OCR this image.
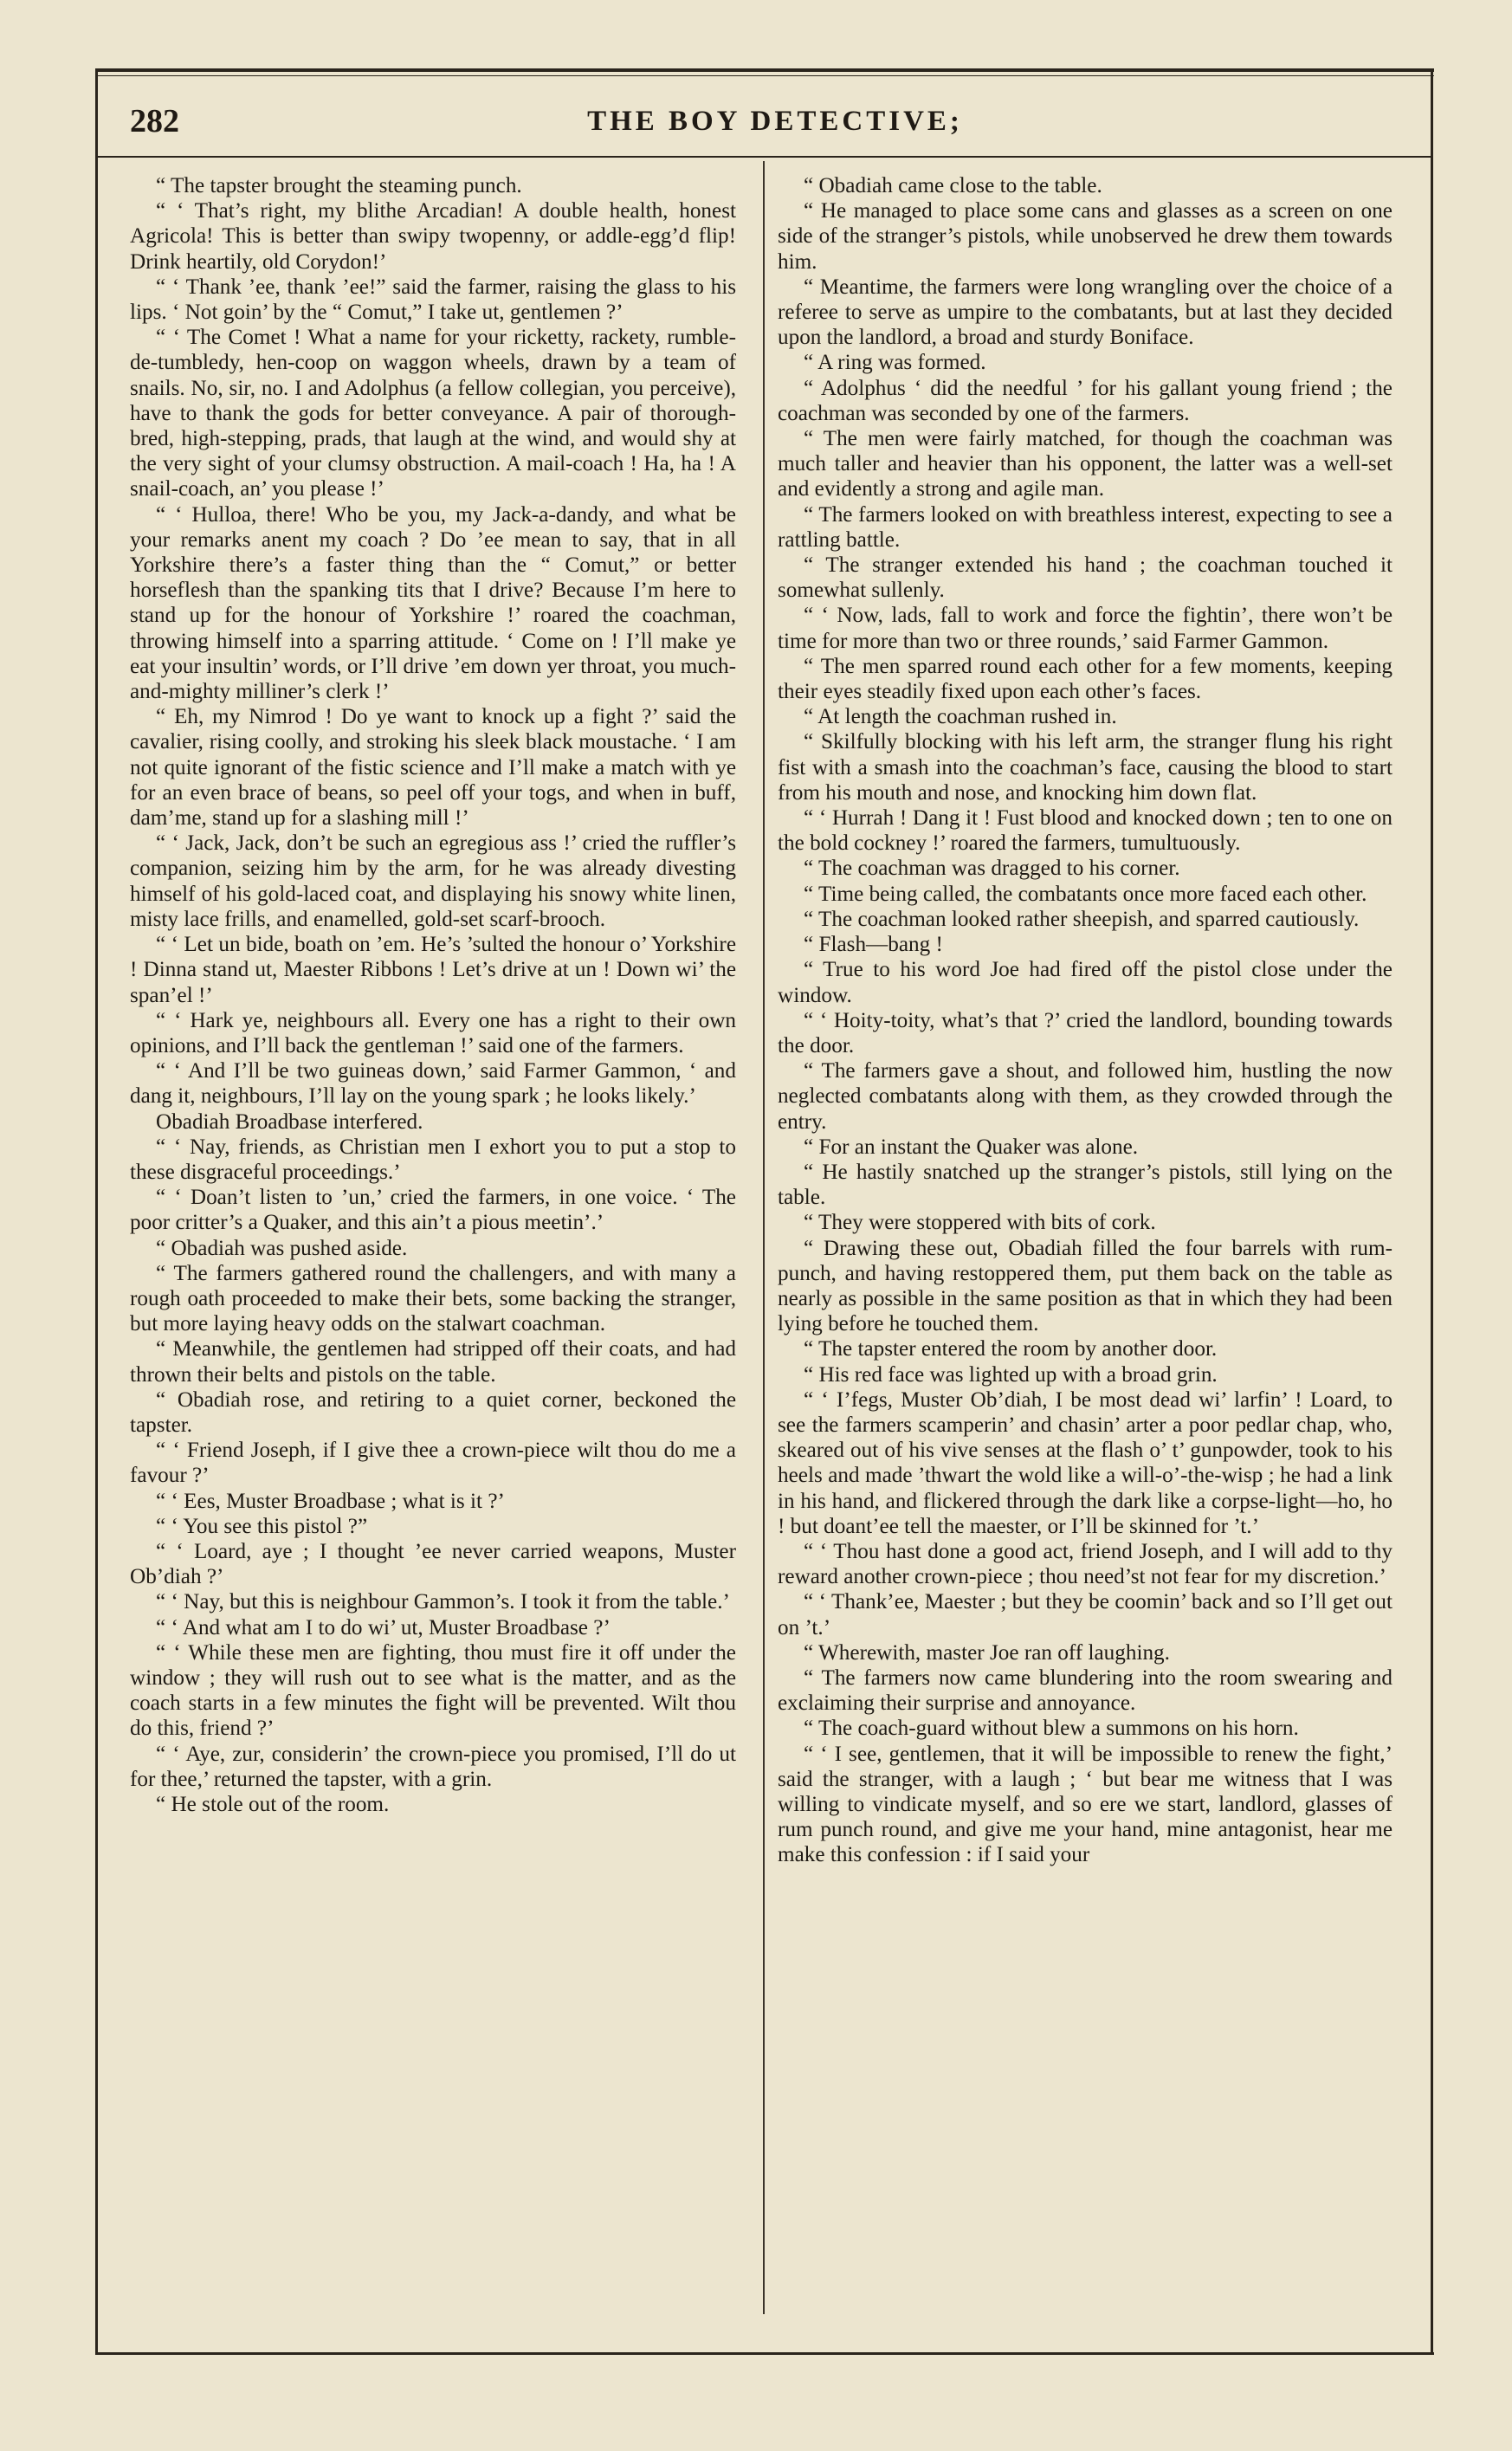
282	THE BOY DETECTIVE;

“ The tapster brought the steaming punch.

“ ‘ That’s right, my blithe Arcadian! A double health, honest Agricola! This is better than swipy twopenny, or addle-egg’d flip! Drink heartily, old Corydon!’

“ ‘ Thank ’ee, thank ’ee!” said the farmer, raising the glass to his lips. ‘ Not goin’ by the “ Comut,” I take ut, gentlemen ?’

“ ‘ The Comet ! What a name for your ricketty, rackety, rumble-de-tumbledy, hen-coop on waggon wheels, drawn by a team of snails. No, sir, no. I and Adolphus (a fellow collegian, you perceive), have to thank the gods for better conveyance. A pair of thorough-bred, high-stepping, prads, that laugh at the wind, and would shy at the very sight of your clumsy obstruction. A mail-coach ! Ha, ha ! A snail-coach, an’ you please !’

“ ‘ Hulloa, there! Who be you, my Jack-a-dandy, and what be your remarks anent my coach ? Do ’ee mean to say, that in all Yorkshire there’s a faster thing than the “ Comut,” or better horseflesh than the spanking tits that I drive? Because I’m here to stand up for the honour of Yorkshire !’ roared the coachman, throwing himself into a sparring attitude. ‘ Come on ! I’ll make ye eat your insultin’ words, or I’ll drive ’em down yer throat, you much-and-mighty milliner’s clerk !’

“ Eh, my Nimrod ! Do ye want to knock up a fight ?’ said the cavalier, rising coolly, and stroking his sleek black moustache. ‘ I am not quite ignorant of the fistic science and I’ll make a match with ye for an even brace of beans, so peel off your togs, and when in buff, dam’me, stand up for a slashing mill !’

“ ‘ Jack, Jack, don’t be such an egregious ass !’ cried the ruffler’s companion, seizing him by the arm, for he was already divesting himself of his gold-laced coat, and displaying his snowy white linen, misty lace frills, and enamelled, gold-set scarf-brooch.

“ ‘ Let un bide, boath on ’em. He’s ’sulted the honour o’ Yorkshire ! Dinna stand ut, Maester Ribbons ! Let’s drive at un ! Down wi’ the span’el !’

“ ‘ Hark ye, neighbours all. Every one has a right to their own opinions, and I’ll back the gentleman !’ said one of the farmers.

“ ‘ And I’ll be two guineas down,’ said Farmer Gammon, ‘ and dang it, neighbours, I’ll lay on the young spark ; he looks likely.’

Obadiah Broadbase interfered.

“ ‘ Nay, friends, as Christian men I exhort you to put a stop to these disgraceful proceedings.’

“ ‘ Doan’t listen to ’un,’ cried the farmers, in one voice. ‘ The poor critter’s a Quaker, and this ain’t a pious meetin’.’

“ Obadiah was pushed aside.

“ The farmers gathered round the challengers, and with many a rough oath proceeded to make their bets, some backing the stranger, but more laying heavy odds on the stalwart coachman.

“ Meanwhile, the gentlemen had stripped off their coats, and had thrown their belts and pistols on the table.

“ Obadiah rose, and retiring to a quiet corner, beckoned the tapster.

“ ‘ Friend Joseph, if I give thee a crown-piece wilt thou do me a favour ?’

“ ‘ Ees, Muster Broadbase ; what is it ?’

“ ‘ You see this pistol ?”

“ ‘ Loard, aye ; I thought ’ee never carried weapons, Muster Ob’diah ?’

“ ‘ Nay, but this is neighbour Gammon’s. I took it from the table.’

“ ‘ And what am I to do wi’ ut, Muster Broadbase ?’

“ ‘ While these men are fighting, thou must fire it off under the window ; they will rush out to see what is the matter, and as the coach starts in a few minutes the fight will be prevented. Wilt thou do this, friend ?’

“ ‘ Aye, zur, considerin’ the crown-piece you promised, I’ll do ut for thee,’ returned the tapster, with a grin.

“ He stole out of the room.

“ Obadiah came close to the table.

“ He managed to place some cans and glasses as a screen on one side of the stranger’s pistols, while unobserved he drew them towards him.

“ Meantime, the farmers were long wrangling over the choice of a referee to serve as umpire to the combatants, but at last they decided upon the landlord, a broad and sturdy Boniface.

“ A ring was formed.

“ Adolphus ‘ did the needful ’ for his gallant young friend ; the coachman was seconded by one of the farmers.

“ The men were fairly matched, for though the coachman was much taller and heavier than his opponent, the latter was a well-set and evidently a strong and agile man.

“ The farmers looked on with breathless interest, expecting to see a rattling battle.

“ The stranger extended his hand ; the coachman touched it somewhat sullenly.

“ ‘ Now, lads, fall to work and force the fightin’, there won’t be time for more than two or three rounds,’ said Farmer Gammon.

“ The men sparred round each other for a few moments, keeping their eyes steadily fixed upon each other’s faces.

“ At length the coachman rushed in.

“ Skilfully blocking with his left arm, the stranger flung his right fist with a smash into the coachman’s face, causing the blood to start from his mouth and nose, and knocking him down flat.

“ ‘ Hurrah ! Dang it ! Fust blood and knocked down ; ten to one on the bold cockney !’ roared the farmers, tumultuously.

“ The coachman was dragged to his corner.

“ Time being called, the combatants once more faced each other.

“ The coachman looked rather sheepish, and sparred cautiously.

“ Flash—bang !

“ True to his word Joe had fired off the pistol close under the window.

“ ‘ Hoity-toity, what’s that ?’ cried the landlord, bounding towards the door.

“ The farmers gave a shout, and followed him, hustling the now neglected combatants along with them, as they crowded through the entry.

“ For an instant the Quaker was alone.

“ He hastily snatched up the stranger’s pistols, still lying on the table.

“ They were stoppered with bits of cork.

“ Drawing these out, Obadiah filled the four barrels with rum-punch, and having restoppered them, put them back on the table as nearly as possible in the same position as that in which they had been lying before he touched them.

“ The tapster entered the room by another door.

“ His red face was lighted up with a broad grin.

“ ‘ I’fegs, Muster Ob’diah, I be most dead wi’ larfin’ ! Loard, to see the farmers scamperin’ and chasin’ arter a poor pedlar chap, who, skeared out of his vive senses at the flash o’ t’ gunpowder, took to his heels and made ’thwart the wold like a will-o’-the-wisp ; he had a link in his hand, and flickered through the dark like a corpse-light—ho, ho ! but doant’ee tell the maester, or I’ll be skinned for ’t.’

“ ‘ Thou hast done a good act, friend Joseph, and I will add to thy reward another crown-piece ; thou need’st not fear for my discretion.’

“ ‘ Thank’ee, Maester ; but they be coomin’ back and so I’ll get out on ’t.’

“ Wherewith, master Joe ran off laughing.

“ The farmers now came blundering into the room swearing and exclaiming their surprise and annoyance.

“ The coach-guard without blew a summons on his horn.

“ ‘ I see, gentlemen, that it will be impossible to renew the fight,’ said the stranger, with a laugh ; ‘ but bear me witness that I was willing to vindicate myself, and so ere we start, landlord, glasses of rum punch round, and give me your hand, mine antagonist, hear me make this confession : if I said your
